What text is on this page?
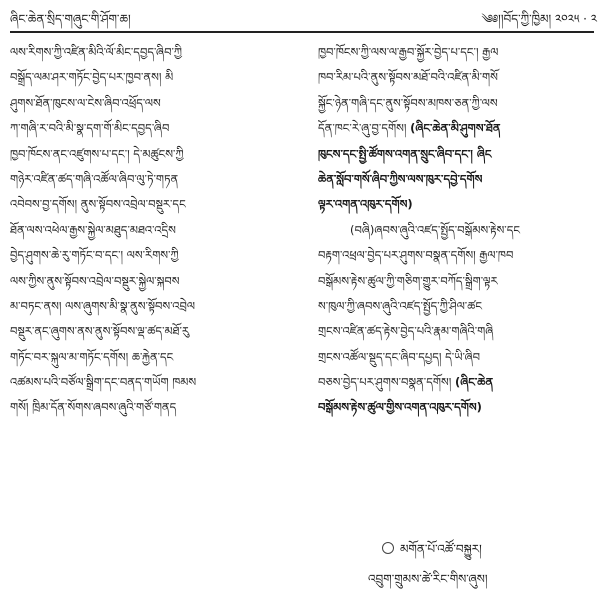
ཞིང་ཆེན་སྲིད་གཞུང་གི་ཤོག་ཆ།	༄༅།།བོད་ཀྱི་ཁྱིམ། ༢༠༢༥ · ༢
ལས་རིགས་ཀྱི་འཛིན་མིའི་ལོ་མིང་དབྱད་ཞིབ་ཀྱི
བསྒྲོད་ལམ་ཤར་གཏོང་བྱེད་པར་ཁྱབ་ནས། མི
ཤུགས་ཐོན་ཁུངས་ལ་ངེས་ཞིབ་འཕྲོད་ལས
ཀ་གཞི་ར་བའི་མི་སྣ་དག་གོ་མིང་དབྱད་ཞིབ
ཁྱབ་ཁོངས་ནང་འཛུགས་པ་དང་། དེ་མཚུངས་ཀྱི
གཉེར་འཛིན་ཚད་གཞི་འཚོལ་ཞིབ་ལུ་ཏེ་གཏན
འབེབས་བྱ་དགོས། ནུས་སྟོབས་འབྲེལ་བསྡུར་དང
ཐོན་ལས་འཕེལ་རྒྱས་སྐྱེལ་མཐུད་མཐའ་འདྲིས
བྱེད་ཤུགས་ཆེ་རུ་གཏོང་བ་དང་། ལས་རིགས་ཀྱི
ལས་ཀྱིས་ནུས་སྟོབས་འབྲེལ་བསྡུར་སྐྱེལ་སྐབས
མ་བཏང་ནས། ལས་ཞུགས་མི་སྣ་ནུས་སྟོབས་འབྲེལ
བསྡུར་ནང་ཞུགས་ནས་ནུས་སྟོབས་ལྡ་ཚད་མཐོ་རུ
གཏོང་བར་སྐུལ་མ་གཏོང་དགོས། ཆ་རྐྱེན་དང
འཚམས་པའི་བཙོལ་སྒྲིག་དང་བནད་གཡོག ཁམས
གསོ། ཁྲིམ་དོན་སོགས་ཞབས་ཞུའི་གཙོ་གནད
ཁྱབ་ཁོངས་ཀྱི་ལས་ལ་རྒྱབ་སྐྱོར་བྱེད་པ་དང་། རྒྱལ
ཁབ་རིམ་པའི་ནུས་སྟོབས་མཐོ་བའི་འཛིན་མི་གསོ
སྐྱོང་ཉེན་གཞི་དང་ནུས་སྟོབས་མཁས་ཅན་ཀྱི་ལས
དོན་ཁང་རེ་ཞུ་བྱ་དགོས། (ཞིང་ཆེན་མི་ཤུགས་ཐོན
ཁུངས་དང་སྤྱི་ཚོགས་འགན་སྲུང་ཞིབ་དང་། ཞིང
ཆེན་སློབ་གསོ་ཞིབ་ཀྱིས་ལས་ཁུར་དབྱེ་དགོས
ལྟར་འགན་འཁུར་དགོས)
(བཞི)ཞབས་ཞུའི་འཛད་སྤྱོད་བསྒོམས་རྟེས་དང
བརྟག་འཕྲལ་བྱེད་པར་ཤུགས་བསྣན་དགོས། རྒྱལ་ཁབ
བསྒོམས་རྟེས་ཚུལ་ཀྱི་གཅིག་གྱུར་བཀོད་སྒྲིག་ལྟར
ས་ཁུལ་ཀྱི་ཞབས་ཞུའི་འཛད་སྤྱོད་ཀྱི་ཤིལ་ཚང
གྲངས་འཛིན་ཚད་རྟེས་བྱེད་པའི་རྣམ་གཞིའི་གཞི
གྲངས་འཚོལ་སྡུད་དང་ཞིབ་དཔྱད། དེ་ཡི་ཞིབ
བཅས་བྱེད་པར་ཤུགས་བསྣན་དགོས། (ཞིང་ཆེན
བསྒོམས་རྟེས་ཚུལ་གྱིས་འགན་འཁུར་དགོས)
མགོན་པོ་འཚོ་བསྐྱུར།
འབྲུག་གྲུམས་ཚེ་རིང་གིས་ཞུས།
